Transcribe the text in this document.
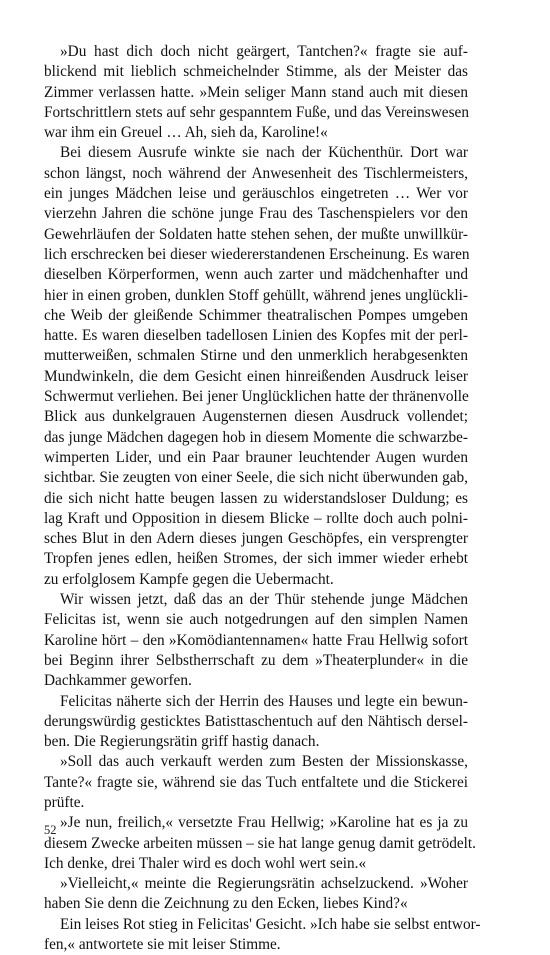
»Du hast dich doch nicht geärgert, Tantchen?« fragte sie auf-
blickend mit lieblich schmeichelnder Stimme, als der Meister das
Zimmer verlassen hatte. »Mein seliger Mann stand auch mit diesen
Fortschrittlern stets auf sehr gespanntem Fuße, und das Vereinswesen
war ihm ein Greuel … Ah, sieh da, Karoline!«
Bei diesem Ausrufe winkte sie nach der Küchenthür. Dort war
schon längst, noch während der Anwesenheit des Tischlermeisters,
ein junges Mädchen leise und geräuschlos eingetreten … Wer vor
vierzehn Jahren die schöne junge Frau des Taschenspielers vor den
Gewehrläufen der Soldaten hatte stehen sehen, der mußte unwillkür-
lich erschrecken bei dieser wiedererstandenen Erscheinung. Es waren
dieselben Körperformen, wenn auch zarter und mädchenhafter und
hier in einen groben, dunklen Stoff gehüllt, während jenes unglückli-
che Weib der gleißende Schimmer theatralischen Pompes umgeben
hatte. Es waren dieselben tadellosen Linien des Kopfes mit der perl-
mutterweißen, schmalen Stirne und den unmerklich herabgesenkten
Mundwinkeln, die dem Gesicht einen hinreißenden Ausdruck leiser
Schwermut verliehen. Bei jener Unglücklichen hatte der thränenvolle
Blick aus dunkelgrauen Augensternen diesen Ausdruck vollendet;
das junge Mädchen dagegen hob in diesem Momente die schwarzbe-
wimperten Lider, und ein Paar brauner leuchtender Augen wurden
sichtbar. Sie zeugten von einer Seele, die sich nicht überwunden gab,
die sich nicht hatte beugen lassen zu widerstandsloser Duldung; es
lag Kraft und Opposition in diesem Blicke – rollte doch auch polni-
sches Blut in den Adern dieses jungen Geschöpfes, ein versprengter
Tropfen jenes edlen, heißen Stromes, der sich immer wieder erhebt
zu erfolglosem Kampfe gegen die Uebermacht.
Wir wissen jetzt, daß das an der Thür stehende junge Mädchen
Felicitas ist, wenn sie auch notgedrungen auf den simplen Namen
Karoline hört – den »Komödiantennamen« hatte Frau Hellwig sofort
bei Beginn ihrer Selbstherrschaft zu dem »Theaterplunder« in die
Dachkammer geworfen.
Felicitas näherte sich der Herrin des Hauses und legte ein bewun-
derungswürdig gesticktes Batisttaschentuch auf den Nähtisch dersel-
ben. Die Regierungsrätin griff hastig danach.
»Soll das auch verkauft werden zum Besten der Missionskasse,
Tante?« fragte sie, während sie das Tuch entfaltete und die Stickerei
prüfte.
»Je nun, freilich,« versetzte Frau Hellwig; »Karoline hat es ja zu
diesem Zwecke arbeiten müssen – sie hat lange genug damit getrödelt.
Ich denke, drei Thaler wird es doch wohl wert sein.«
»Vielleicht,« meinte die Regierungsrätin achselzuckend. »Woher
haben Sie denn die Zeichnung zu den Ecken, liebes Kind?«
Ein leises Rot stieg in Felicitas' Gesicht. »Ich habe sie selbst entwor-
fen,« antwortete sie mit leiser Stimme.
52
